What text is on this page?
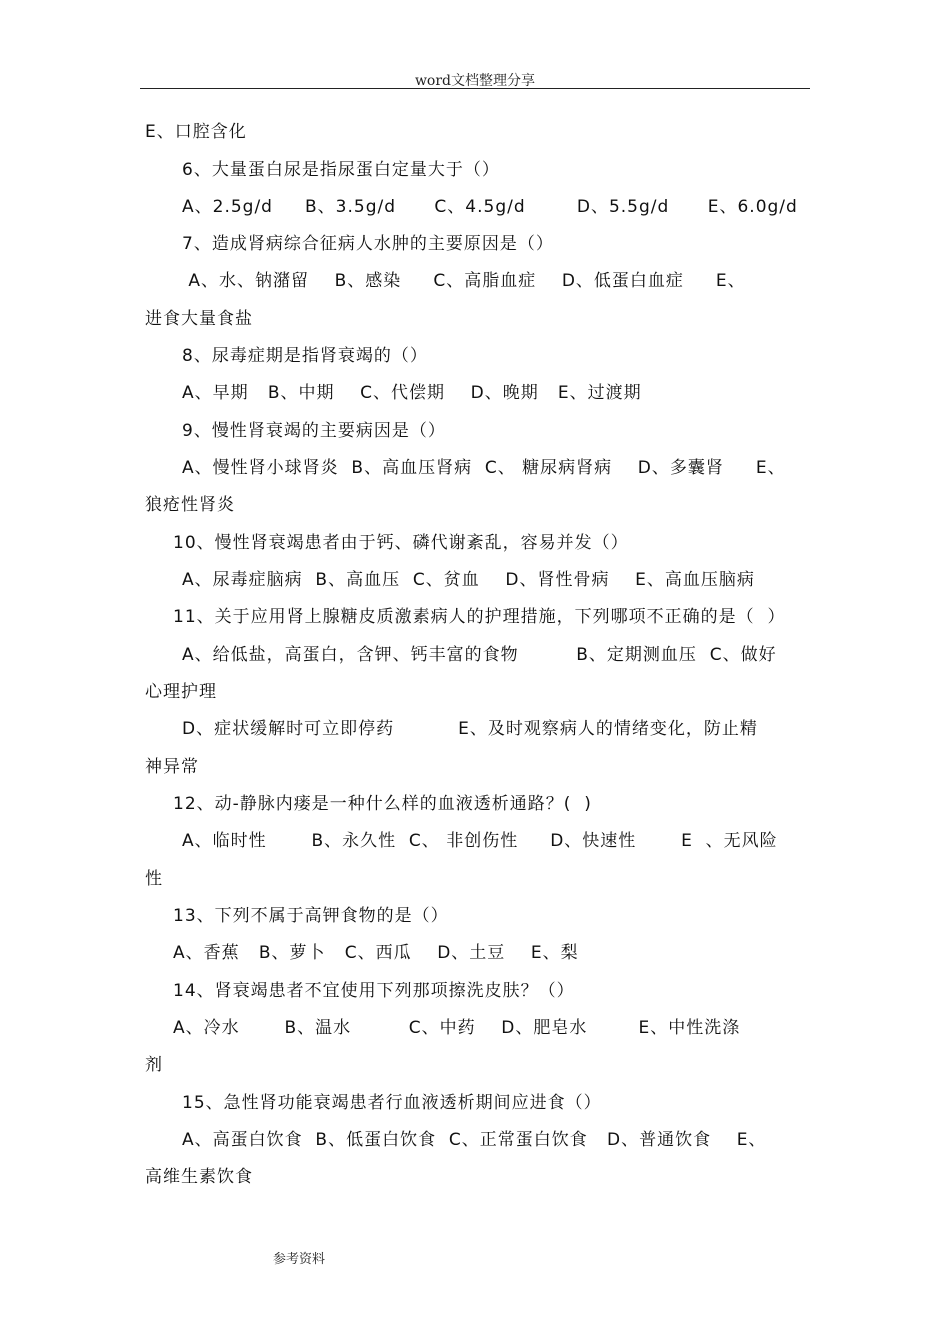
word文档整理分享
E、口腔含化
6、大量蛋白尿是指尿蛋白定量大于（）
A、2.5g/d     B、3.5g/d      C、4.5g/d        D、5.5g/d      E、6.0g/d
7、造成肾病综合征病人水肿的主要原因是（）
A、水、钠潴留    B、感染     C、高脂血症    D、低蛋白血症     E、
进食大量食盐
8、尿毒症期是指肾衰竭的（）
A、早期   B、中期    C、代偿期    D、晚期   E、过渡期
9、慢性肾衰竭的主要病因是（）
A、慢性肾小球肾炎  B、高血压肾病  C、 糖尿病肾病    D、多囊肾     E、
狼疮性肾炎
10、慢性肾衰竭患者由于钙、磷代谢紊乱，容易并发（）
A、尿毒症脑病  B、高血压  C、贫血    D、肾性骨病    E、高血压脑病
11、关于应用肾上腺糖皮质激素病人的护理措施，下列哪项不正确的是（  ）
A、给低盐，高蛋白，含钾、钙丰富的食物         B、定期测血压  C、做好
心理护理
D、症状缓解时可立即停药          E、及时观察病人的情绪变化，防止精
神异常
12、动-静脉内瘘是一种什么样的血液透析通路？(  )
A、临时性       B、永久性  C、 非创伤性     D、快速性       E  、无风险
性
13、下列不属于高钾食物的是（）
A、香蕉   B、萝卜   C、西瓜    D、土豆    E、梨
14、肾衰竭患者不宜使用下列那项擦洗皮肤？（）
A、冷水       B、温水         C、中药    D、肥皂水        E、中性洗涤
剂
15、急性肾功能衰竭患者行血液透析期间应进食（）
A、高蛋白饮食  B、低蛋白饮食  C、正常蛋白饮食   D、普通饮食    E、
高维生素饮食
参考资料
